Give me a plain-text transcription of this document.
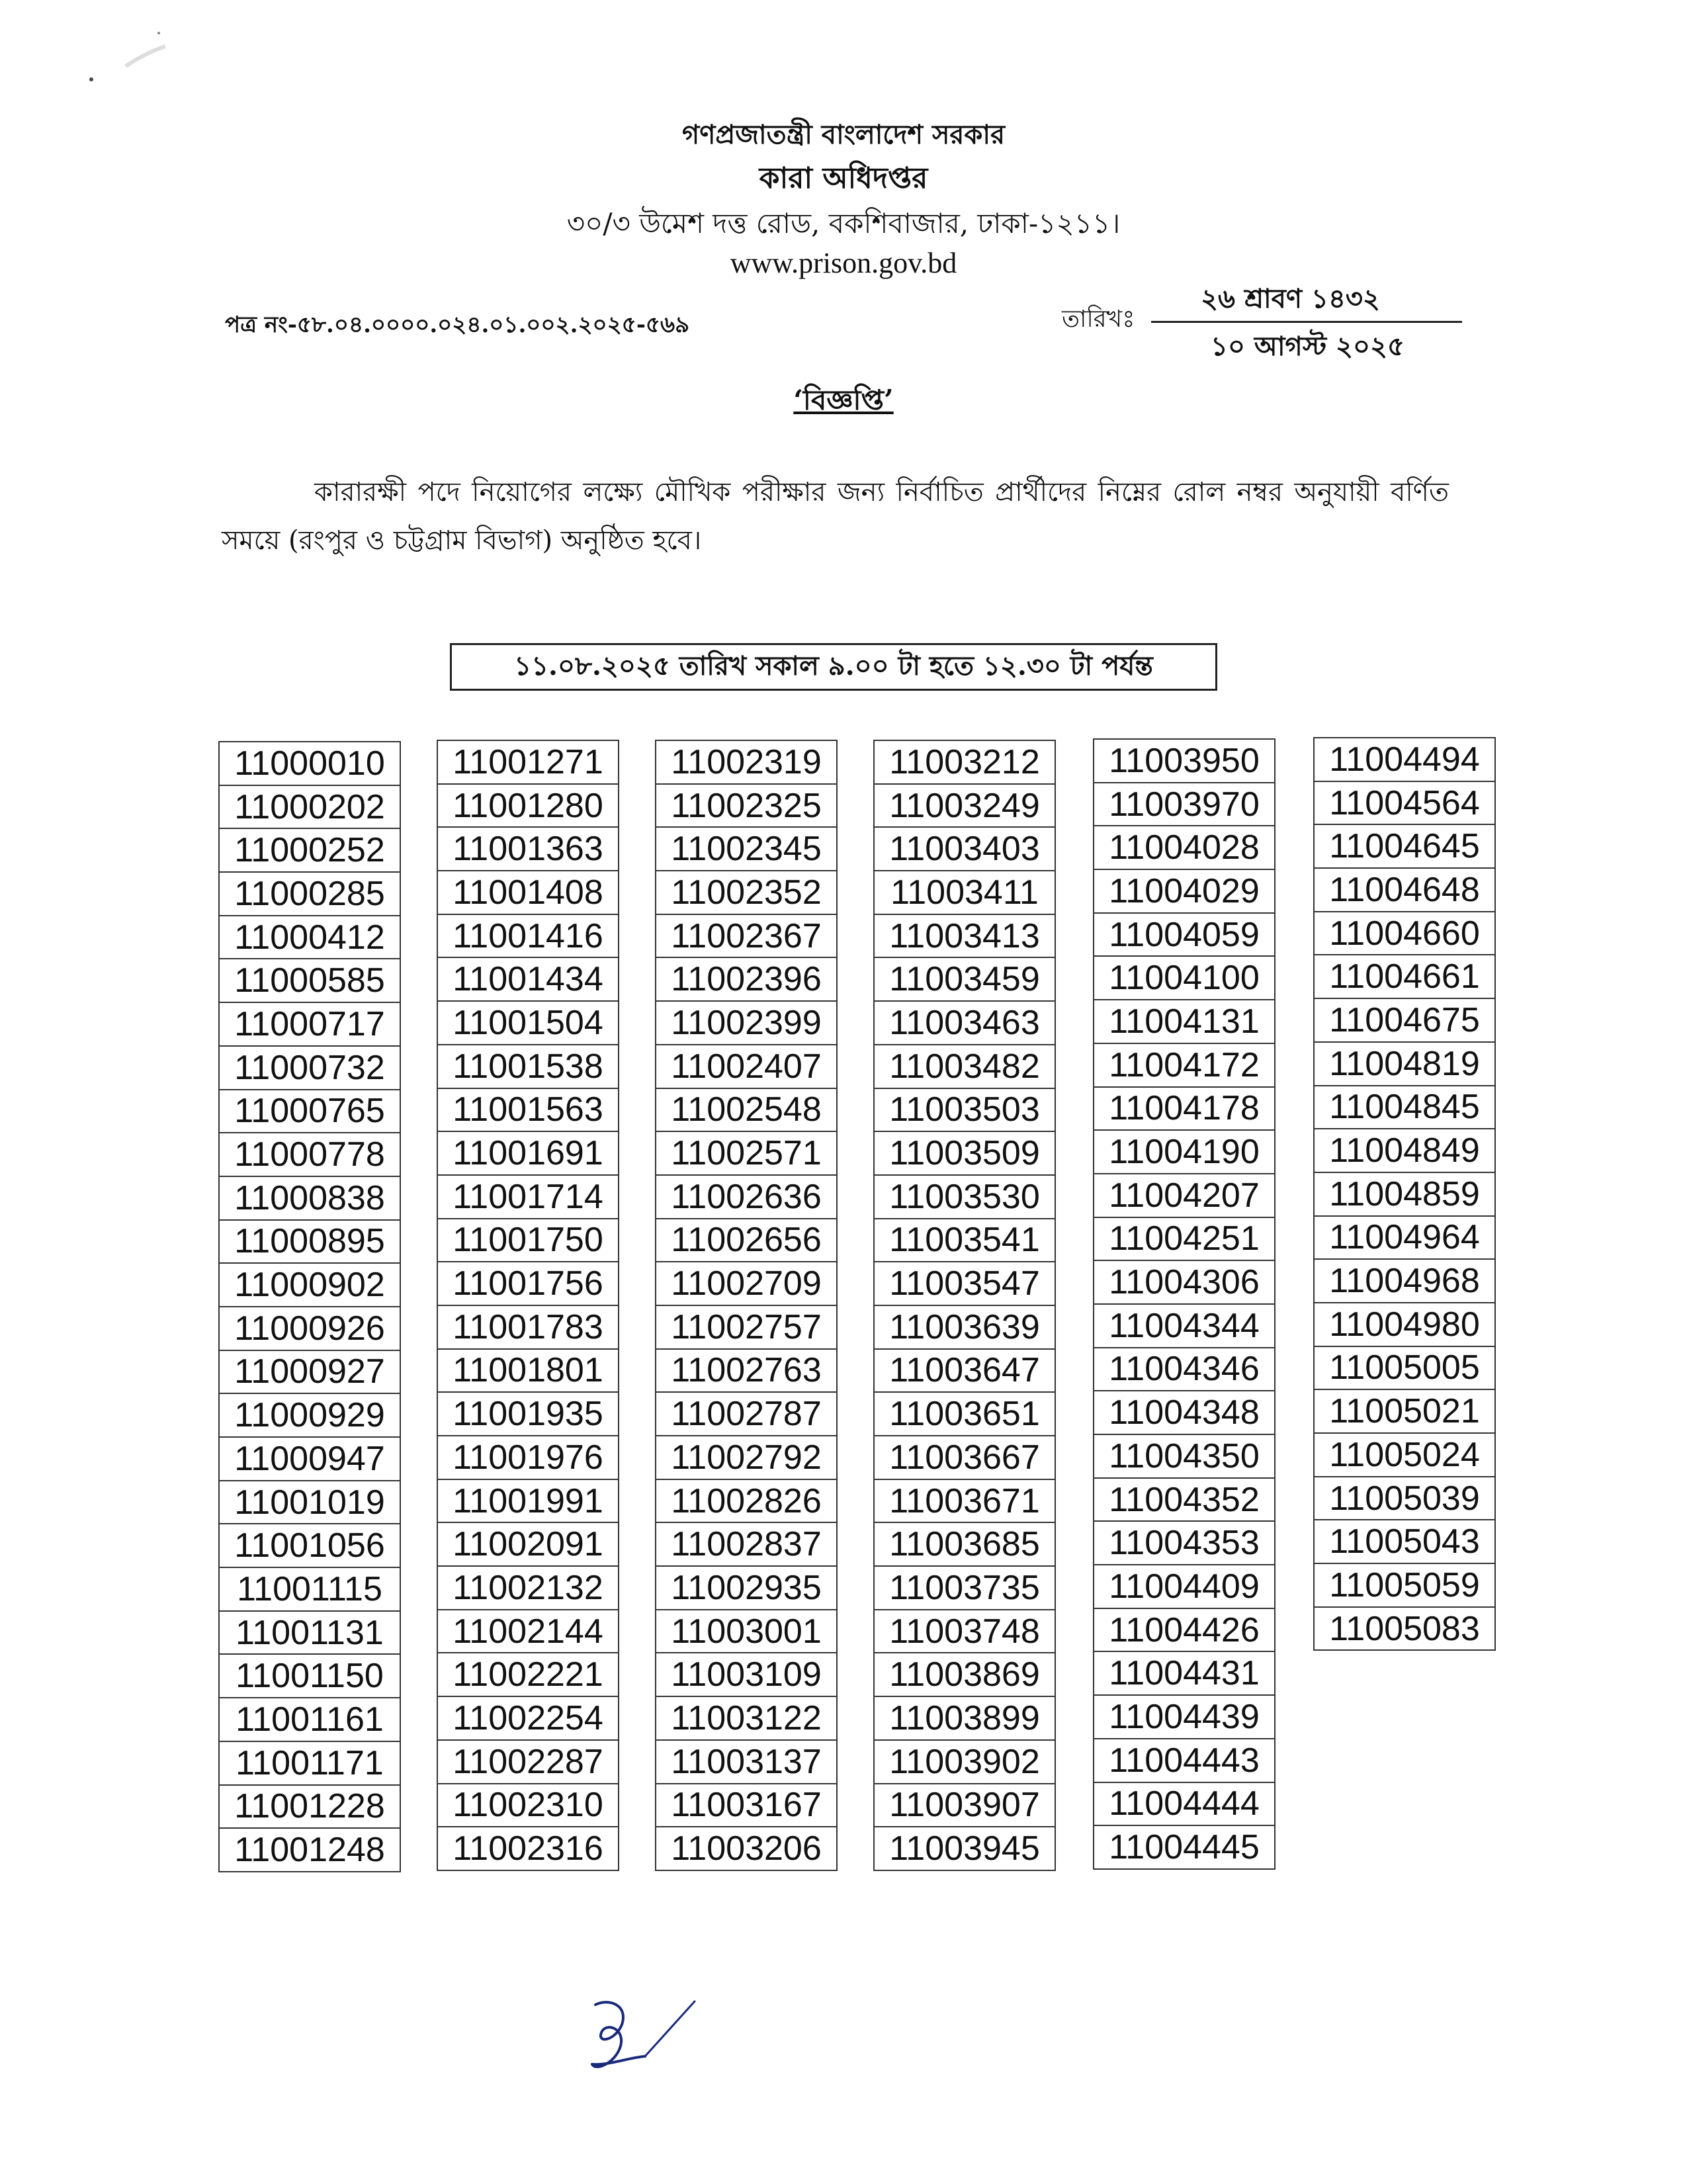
গণপ্রজাতন্ত্রী বাংলাদেশ সরকার
কারা অধিদপ্তর
৩০/৩ উমেশ দত্ত রোড, বকশিবাজার, ঢাকা-১২১১।
www.prison.gov.bd
পত্র নং-৫৮.০৪.০০০০.০২৪.০১.০০২.২০২৫-৫৬৯	তারিখঃ
২৬ শ্রাবণ ১৪৩২
১০ আগস্ট ২০২৫
‘বিজ্ঞপ্তি’
কারারক্ষী পদে নিয়োগের লক্ষ্যে মৌখিক পরীক্ষার জন্য নির্বাচিত প্রার্থীদের নিম্নের রোল নম্বর অনুযায়ী বর্ণিত সময়ে (রংপুর ও চট্টগ্রাম বিভাগ) অনুষ্ঠিত হবে।
১১.০৮.২০২৫ তারিখ সকাল ৯.০০ টা হতে ১২.৩০ টা পর্যন্ত
11000010
11000202
11000252
11000285
11000412
11000585
11000717
11000732
11000765
11000778
11000838
11000895
11000902
11000926
11000927
11000929
11000947
11001019
11001056
11001115
11001131
11001150
11001161
11001171
11001228
11001248
11001271
11001280
11001363
11001408
11001416
11001434
11001504
11001538
11001563
11001691
11001714
11001750
11001756
11001783
11001801
11001935
11001976
11001991
11002091
11002132
11002144
11002221
11002254
11002287
11002310
11002316
11002319
11002325
11002345
11002352
11002367
11002396
11002399
11002407
11002548
11002571
11002636
11002656
11002709
11002757
11002763
11002787
11002792
11002826
11002837
11002935
11003001
11003109
11003122
11003137
11003167
11003206
11003212
11003249
11003403
11003411
11003413
11003459
11003463
11003482
11003503
11003509
11003530
11003541
11003547
11003639
11003647
11003651
11003667
11003671
11003685
11003735
11003748
11003869
11003899
11003902
11003907
11003945
11003950
11003970
11004028
11004029
11004059
11004100
11004131
11004172
11004178
11004190
11004207
11004251
11004306
11004344
11004346
11004348
11004350
11004352
11004353
11004409
11004426
11004431
11004439
11004443
11004444
11004445
11004494
11004564
11004645
11004648
11004660
11004661
11004675
11004819
11004845
11004849
11004859
11004964
11004968
11004980
11005005
11005021
11005024
11005039
11005043
11005059
11005083
